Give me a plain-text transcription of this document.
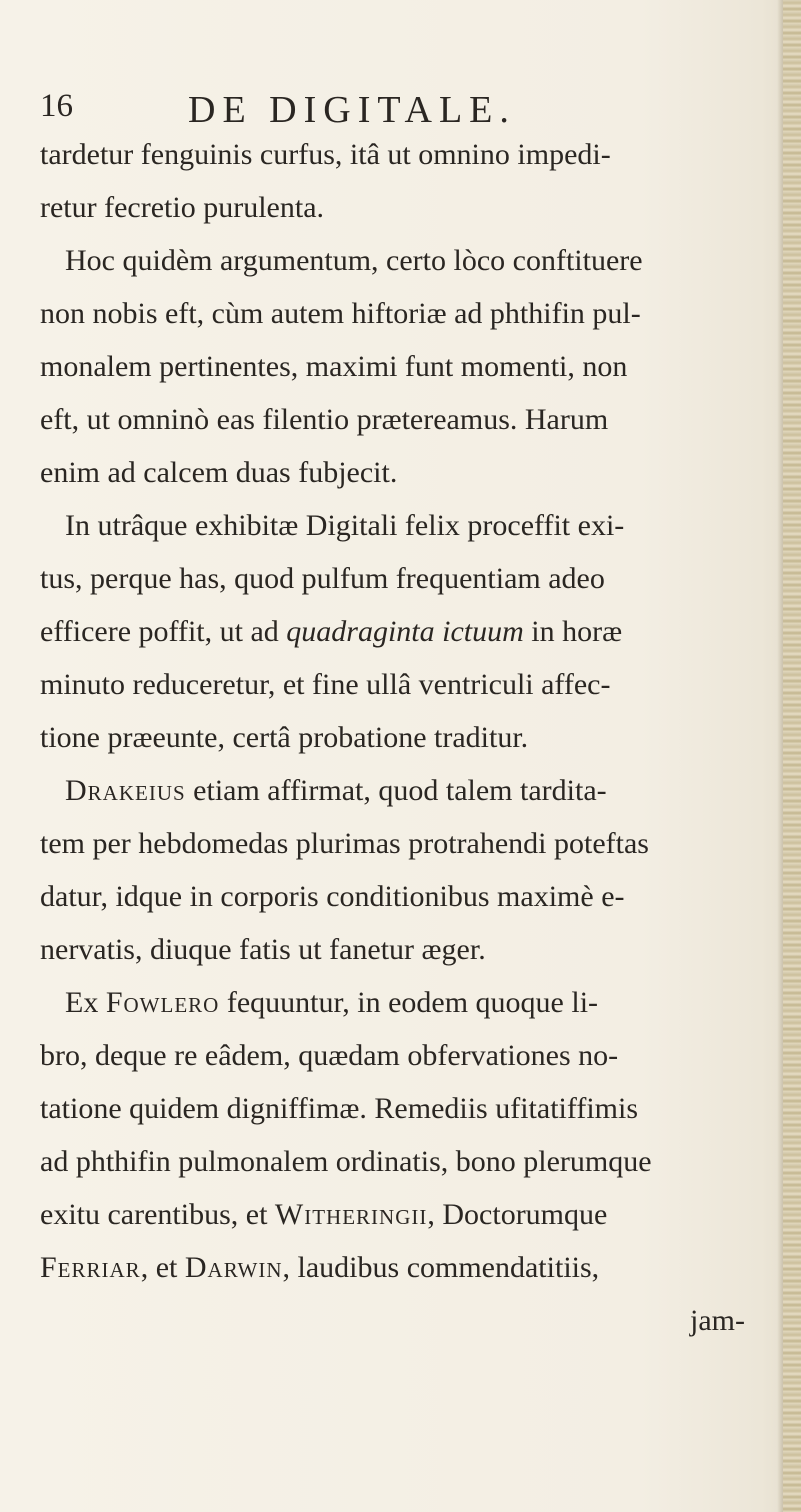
16	DE DIGITALE.
tardetur fenguinis curfus, itâ ut omnino impedi-
retur fecretio purulenta.
Hoc quidèm argumentum, certo lòco conftituere
non nobis eft, cùm autem hiftoriæ ad phthifin pul-
monalem pertinentes, maximi funt momenti, non
eft, ut omninò eas filentio prætereamus. Harum
enim ad calcem duas fubjecit.
In utrâque exhibitæ Digitali felix proceffit exi-
tus, perque has, quod pulfum frequentiam adeo
efficere poffit, ut ad quadraginta ictuum in horæ
minuto reduceretur, et fine ullâ ventriculi affec-
tione præeunte, certâ probatione traditur.
Drakeius etiam affirmat, quod talem tardita-
tem per hebdomedas plurimas protrahendi poteftas
datur, idque in corporis conditionibus maximè e-
nervatis, diuque fatis ut fanetur æger.
Ex Fowlero fequuntur, in eodem quoque li-
bro, deque re eâdem, quædam obfervationes no-
tatione quidem digniffimæ. Remediis ufitatiffimis
ad phthifin pulmonalem ordinatis, bono plerumque
exitu carentibus, et Witheringii, Doctorumque
Ferriar, et Darwin, laudibus commendatitiis,
jam-
